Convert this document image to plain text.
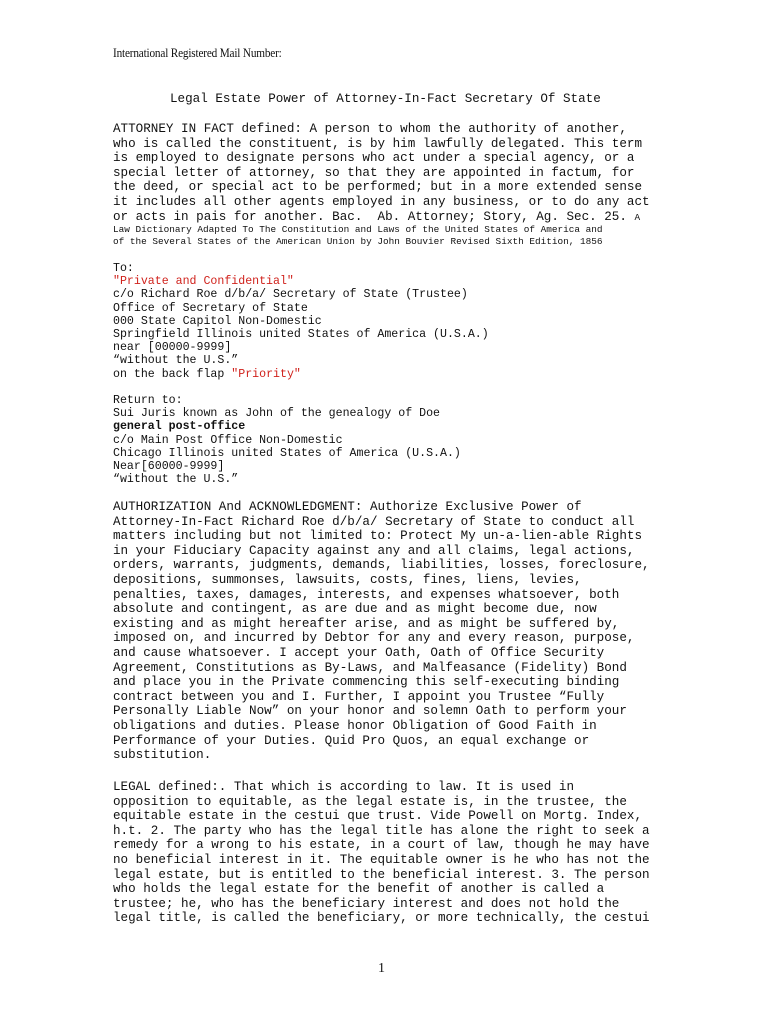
International Registered Mail Number:
Legal Estate Power of Attorney-In-Fact Secretary Of State
ATTORNEY IN FACT defined: A person to whom the authority of another,
who is called the constituent, is by him lawfully delegated. This term
is employed to designate persons who act under a special agency, or a
special letter of attorney, so that they are appointed in factum, for
the deed, or special act to be performed; but in a more extended sense
it includes all other agents employed in any business, or to do any act
or acts in pais for another. Bac.  Ab. Attorney; Story, Ag. Sec. 25. A
Law Dictionary Adapted To The Constitution and Laws of the United States of America and
of the Several States of the American Union by John Bouvier Revised Sixth Edition, 1856
To:
"Private and Confidential"
c/o Richard Roe d/b/a/ Secretary of State (Trustee)
Office of Secretary of State
000 State Capitol Non-Domestic
Springfield Illinois united States of America (U.S.A.)
near [00000-9999]
“without the U.S.”
on the back flap "Priority"
Return to:
Sui Juris known as John of the genealogy of Doe
general post-office
c/o Main Post Office Non-Domestic
Chicago Illinois united States of America (U.S.A.)
Near[60000-9999]
“without the U.S.”
AUTHORIZATION And ACKNOWLEDGMENT: Authorize Exclusive Power of
Attorney-In-Fact Richard Roe d/b/a/ Secretary of State to conduct all
matters including but not limited to: Protect My un-a-lien-able Rights
in your Fiduciary Capacity against any and all claims, legal actions,
orders, warrants, judgments, demands, liabilities, losses, foreclosure,
depositions, summonses, lawsuits, costs, fines, liens, levies,
penalties, taxes, damages, interests, and expenses whatsoever, both
absolute and contingent, as are due and as might become due, now
existing and as might hereafter arise, and as might be suffered by,
imposed on, and incurred by Debtor for any and every reason, purpose,
and cause whatsoever. I accept your Oath, Oath of Office Security
Agreement, Constitutions as By-Laws, and Malfeasance (Fidelity) Bond
and place you in the Private commencing this self-executing binding
contract between you and I. Further, I appoint you Trustee “Fully
Personally Liable Now” on your honor and solemn Oath to perform your
obligations and duties. Please honor Obligation of Good Faith in
Performance of your Duties. Quid Pro Quos, an equal exchange or
substitution.
LEGAL defined:. That which is according to law. It is used in
opposition to equitable, as the legal estate is, in the trustee, the
equitable estate in the cestui que trust. Vide Powell on Mortg. Index,
h.t. 2. The party who has the legal title has alone the right to seek a
remedy for a wrong to his estate, in a court of law, though he may have
no beneficial interest in it. The equitable owner is he who has not the
legal estate, but is entitled to the beneficial interest. 3. The person
who holds the legal estate for the benefit of another is called a
trustee; he, who has the beneficiary interest and does not hold the
legal title, is called the beneficiary, or more technically, the cestui
1
